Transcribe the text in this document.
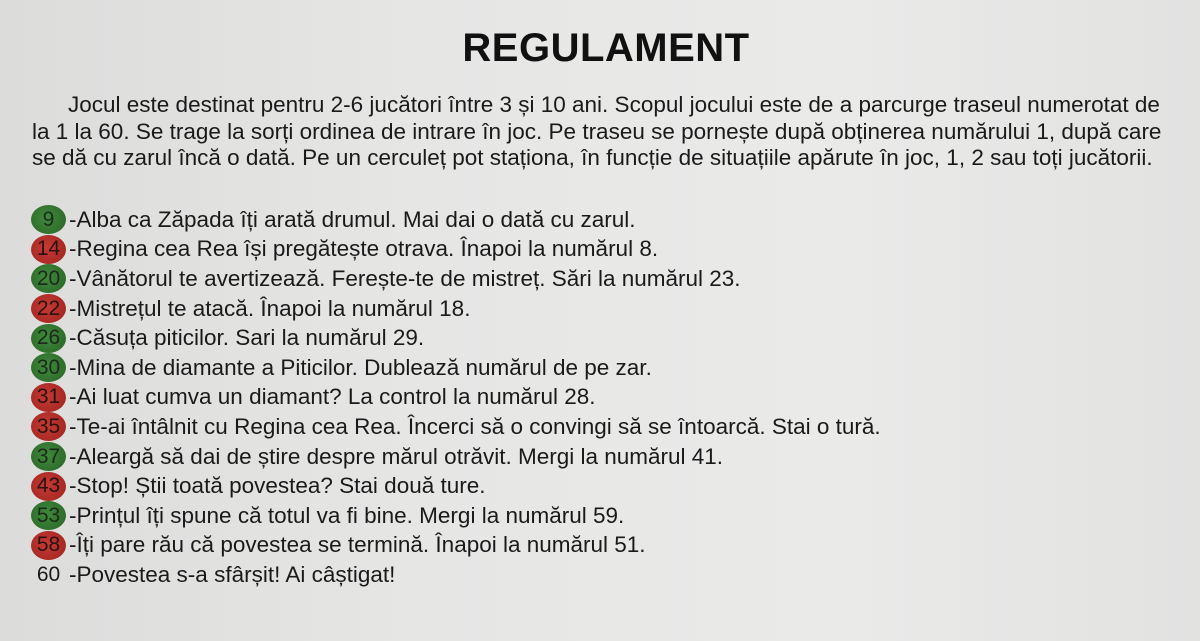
REGULAMENT
Jocul este destinat pentru 2-6 jucători între 3 și 10 ani. Scopul jocului este de a parcurge traseul numerotat de la 1 la 60. Se trage la sorți ordinea de intrare în joc. Pe traseu se pornește după obținerea numărului 1, după care se dă cu zarul încă o dată. Pe un cerculeț pot staționa, în funcție de situațiile apărute în joc, 1, 2 sau toți jucătorii.
9 -Alba ca Zăpada îți arată drumul. Mai dai o dată cu zarul.
14 -Regina cea Rea își pregătește otrava. Înapoi la numărul 8.
20 -Vânătorul te avertizează. Ferește-te de mistreț. Sări la numărul 23.
22 -Mistrețul te atacă. Înapoi la numărul 18.
26 -Căsuța piticilor. Sari la numărul 29.
30 -Mina de diamante a Piticilor. Dublează numărul de pe zar.
31 -Ai luat cumva un diamant? La control la numărul 28.
35 -Te-ai întâlnit cu Regina cea Rea. Încerci să o convingi să se întoarcă. Stai o tură.
37 -Aleargă să dai de știre despre mărul otrăvit. Mergi la numărul 41.
43 -Stop! Știi toată povestea? Stai două ture.
53 -Prințul îți spune că totul va fi bine. Mergi la numărul 59.
58 -Îți pare rău că povestea se termină. Înapoi la numărul 51.
60 -Povestea s-a sfârșit! Ai câștigat!
